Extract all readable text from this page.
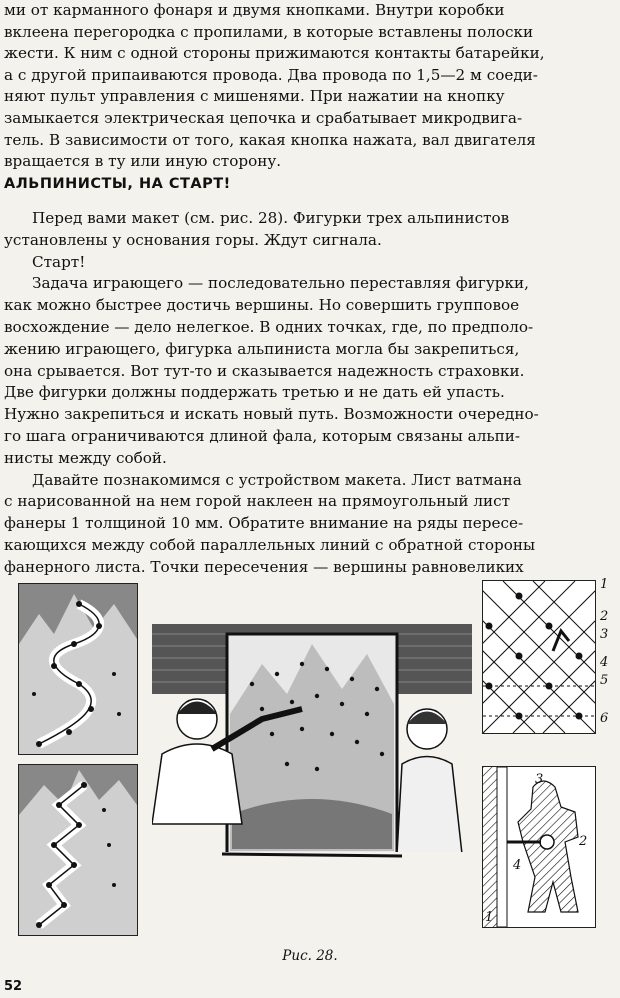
ми от карманного фонаря и двумя кнопками. Внутри коробки
вклеена перегородка с пропилами, в которые вставлены полоски
жести. К ним с одной стороны прижимаются контакты батарейки,
а с другой припаиваются провода. Два провода по 1,5—2 м соеди-
няют пульт управления с мишенями. При нажатии на кнопку
замыкается электрическая цепочка и срабатывает микродвига-
тель. В зависимости от того, какая кнопка нажата, вал двигателя
вращается в ту или иную сторону.
АЛЬПИНИСТЫ, НА СТАРТ!
Перед вами макет (см. рис. 28). Фигурки трех альпинистов
установлены у основания горы. Ждут сигнала.
Старт!
Задача играющего — последовательно переставляя фигурки,
как можно быстрее достичь вершины. Но совершить групповое
восхождение — дело нелегкое. В одних точках, где, по предполо-
жению играющего, фигурка альпиниста могла бы закрепиться,
она срывается. Вот тут-то и сказывается надежность страховки.
Две фигурки должны поддержать третью и не дать ей упасть.
Нужно закрепиться и искать новый путь. Возможности очередно-
го шага ограничиваются длиной фала, которым связаны альпи-
нисты между собой.
Давайте познакомимся с устройством макета. Лист ватмана
с нарисованной на нем горой наклеен на прямоугольный лист
фанеры 1 толщиной 10 мм. Обратите внимание на ряды пересе-
кающихся между собой параллельных линий с обратной стороны
фанерного листа. Точки пересечения — вершины равновеликих
1
2
3
4
5
6
3
2
4
1
Рис. 28.
52
